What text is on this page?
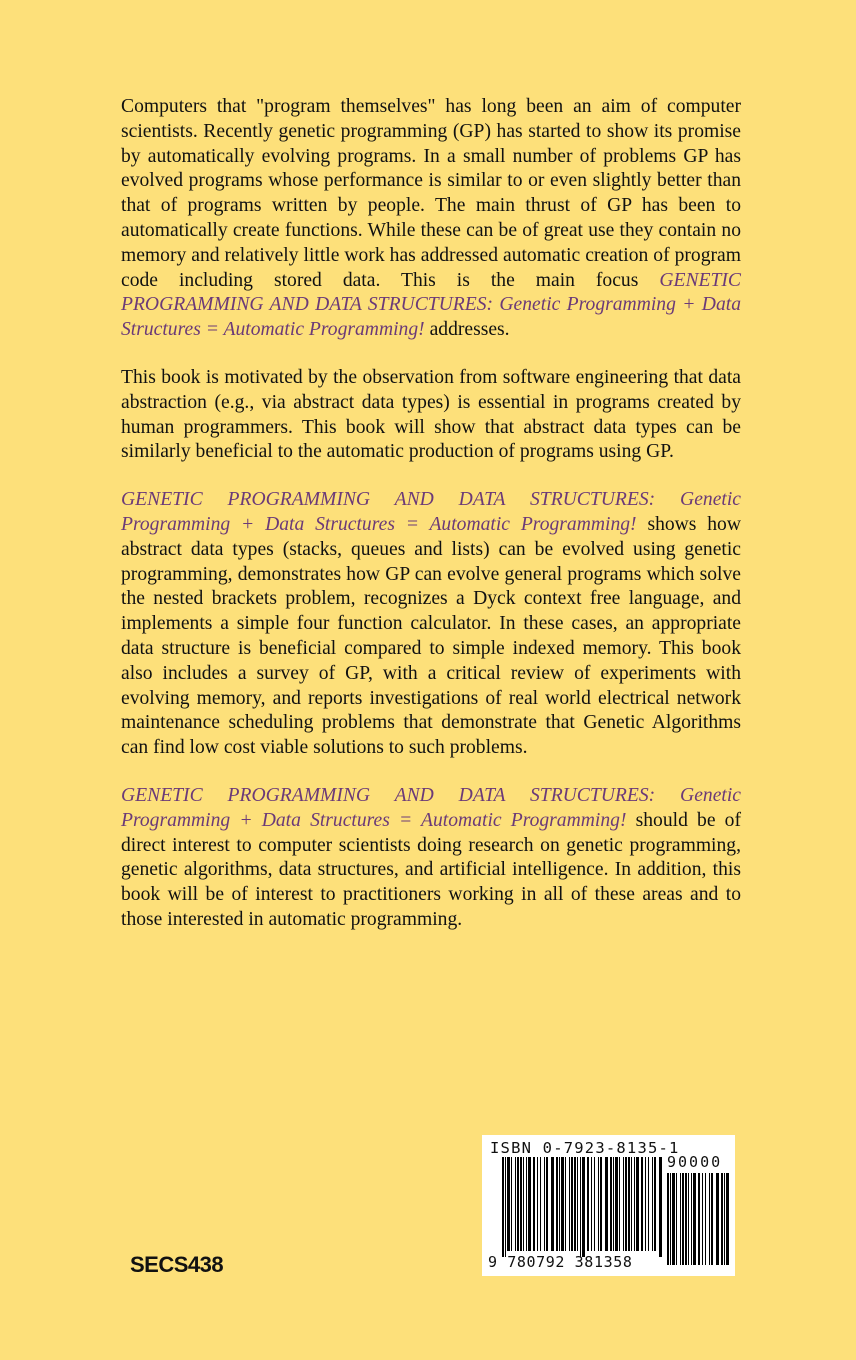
Computers that "program themselves" has long been an aim of computer scientists. Recently genetic programming (GP) has started to show its promise by automatically evolving programs. In a small number of problems GP has evolved programs whose performance is similar to or even slightly better than that of programs written by people. The main thrust of GP has been to automatically create functions. While these can be of great use they contain no memory and relatively little work has addressed automatic creation of program code including stored data. This is the main focus GENETIC PROGRAMMING AND DATA STRUCTURES: Genetic Programming + Data Structures = Automatic Programming! addresses.

This book is motivated by the observation from software engineering that data abstraction (e.g., via abstract data types) is essential in programs created by human programmers. This book will show that abstract data types can be similarly beneficial to the automatic production of programs using GP.

GENETIC PROGRAMMING AND DATA STRUCTURES: Genetic Programming + Data Structures = Automatic Programming! shows how abstract data types (stacks, queues and lists) can be evolved using genetic programming, demonstrates how GP can evolve general programs which solve the nested brackets problem, recognizes a Dyck context free language, and implements a simple four function calculator. In these cases, an appropriate data structure is beneficial compared to simple indexed memory. This book also includes a survey of GP, with a critical review of experiments with evolving memory, and reports investigations of real world electrical network maintenance scheduling problems that demonstrate that Genetic Algorithms can find low cost viable solutions to such problems.

GENETIC PROGRAMMING AND DATA STRUCTURES: Genetic Programming + Data Structures = Automatic Programming! should be of direct interest to computer scientists doing research on genetic programming, genetic algorithms, data structures, and artificial intelligence. In addition, this book will be of interest to practitioners working in all of these areas and to those interested in automatic programming.

ISBN 0-7923-8135-1
90000
9 780792 381358
SECS438
